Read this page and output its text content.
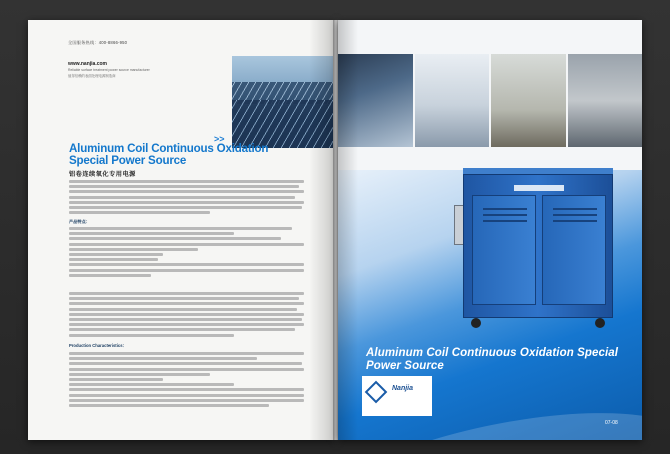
全国服务热线：400-8866-950
www.nanjia.com
Reliable surface treatment power source manufacturer
值得信赖的表面处理电源制造商
>>
Aluminum Coil Continuous Oxidation Special Power Source
铝卷连续氧化专用电源
产品特点：
Production Characteristics：
Aluminum Coil Continuous Oxidation Special Power Source
Nanjia
07-08
